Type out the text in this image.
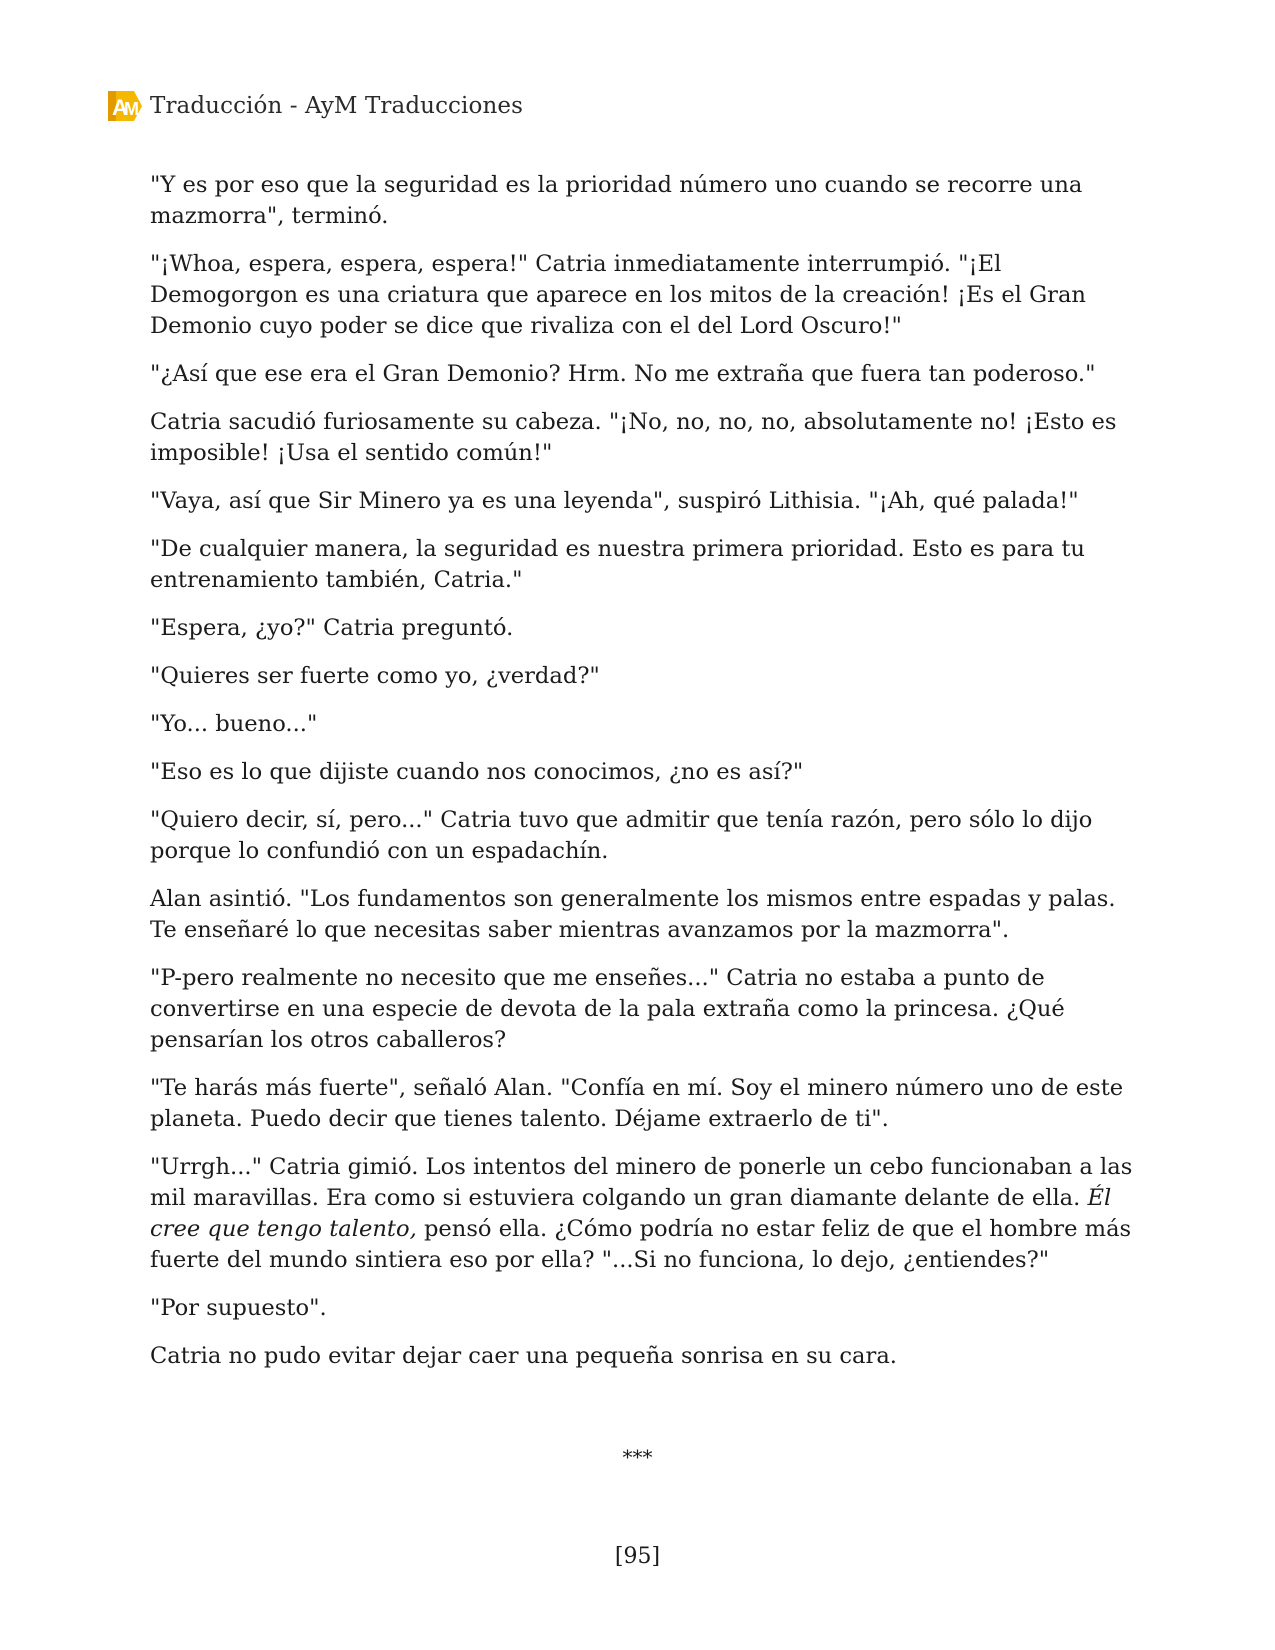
A
M Traducción - AyM Traducciones

"Y es por eso que la seguridad es la prioridad número uno cuando se recorre una mazmorra", terminó.

"¡Whoa, espera, espera, espera!" Catria inmediatamente interrumpió. "¡El Demogorgon es una criatura que aparece en los mitos de la creación! ¡Es el Gran Demonio cuyo poder se dice que rivaliza con el del Lord Oscuro!"

"¿Así que ese era el Gran Demonio? Hrm. No me extraña que fuera tan poderoso."

Catria sacudió furiosamente su cabeza. "¡No, no, no, no, absolutamente no! ¡Esto es imposible! ¡Usa el sentido común!"

"Vaya, así que Sir Minero ya es una leyenda", suspiró Lithisia. "¡Ah, qué palada!"

"De cualquier manera, la seguridad es nuestra primera prioridad. Esto es para tu entrenamiento también, Catria."

"Espera, ¿yo?" Catria preguntó.

"Quieres ser fuerte como yo, ¿verdad?"

"Yo... bueno..."

"Eso es lo que dijiste cuando nos conocimos, ¿no es así?"

"Quiero decir, sí, pero..." Catria tuvo que admitir que tenía razón, pero sólo lo dijo porque lo confundió con un espadachín.

Alan asintió. "Los fundamentos son generalmente los mismos entre espadas y palas. Te enseñaré lo que necesitas saber mientras avanzamos por la mazmorra".

"P-pero realmente no necesito que me enseñes..." Catria no estaba a punto de convertirse en una especie de devota de la pala extraña como la princesa. ¿Qué pensarían los otros caballeros?

"Te harás más fuerte", señaló Alan. "Confía en mí. Soy el minero número uno de este planeta. Puedo decir que tienes talento. Déjame extraerlo de ti".

"Urrgh..." Catria gimió. Los intentos del minero de ponerle un cebo funcionaban a las mil maravillas. Era como si estuviera colgando un gran diamante delante de ella. Él cree que tengo talento, pensó ella. ¿Cómo podría no estar feliz de que el hombre más fuerte del mundo sintiera eso por ella? "...Si no funciona, lo dejo, ¿entiendes?"

"Por supuesto".

Catria no pudo evitar dejar caer una pequeña sonrisa en su cara.

***
[95]
